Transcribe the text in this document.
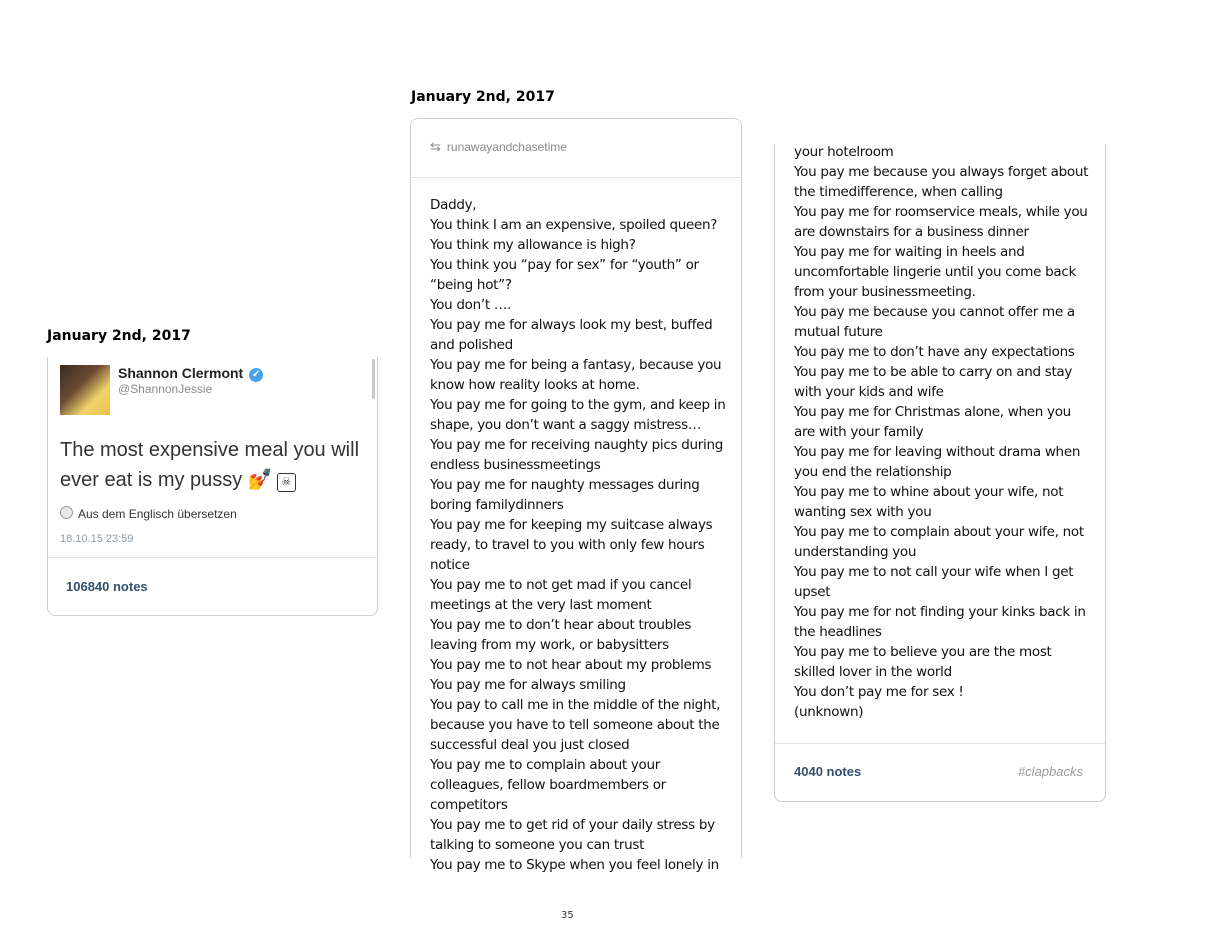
January 2nd, 2017
Shannon Clermont ✓
@ShannonJessie
The most expensive meal you will ever eat is my pussy 💅 ☠
Aus dem Englisch übersetzen
18.10.15 23:59
106840 notes
January 2nd, 2017
⇆ runawayandchasetime
Daddy,
You think I am an expensive, spoiled queen?
You think my allowance is high?
You think you “pay for sex” for “youth” or “being hot”?
You don’t ….
You pay me for always look my best, buffed and polished
You pay me for being a fantasy, because you know how reality looks at home.
You pay me for going to the gym, and keep in shape, you don’t want a saggy mistress…
You pay me for receiving naughty pics during endless businessmeetings
You pay me for naughty messages during boring familydinners
You pay me for keeping my suitcase always ready, to travel to you with only few hours notice
You pay me to not get mad if you cancel meetings at the very last moment
You pay me to don’t hear about troubles leaving from my work, or babysitters
You pay me to not hear about my problems
You pay me for always smiling
You pay to call me in the middle of the night, because you have to tell someone about the successful deal you just closed
You pay me to complain about your colleagues, fellow boardmembers or competitors
You pay me to get rid of your daily stress by talking to someone you can trust
You pay me to Skype when you feel lonely in
your hotelroom
You pay me because you always forget about the timedifference, when calling
You pay me for roomservice meals, while you are downstairs for a business dinner
You pay me for waiting in heels and uncomfortable lingerie until you come back from your businessmeeting.
You pay me because you cannot offer me a mutual future
You pay me to don’t have any expectations
You pay me to be able to carry on and stay with your kids and wife
You pay me for Christmas alone, when you are with your family
You pay me for leaving without drama when you end the relationship
You pay me to whine about your wife, not wanting sex with you
You pay me to complain about your wife, not understanding you
You pay me to not call your wife when I get upset
You pay me for not finding your kinks back in the headlines
You pay me to believe you are the most skilled lover in the world
You don’t pay me for sex !
(unknown)
4040 notes	#clapbacks
35
